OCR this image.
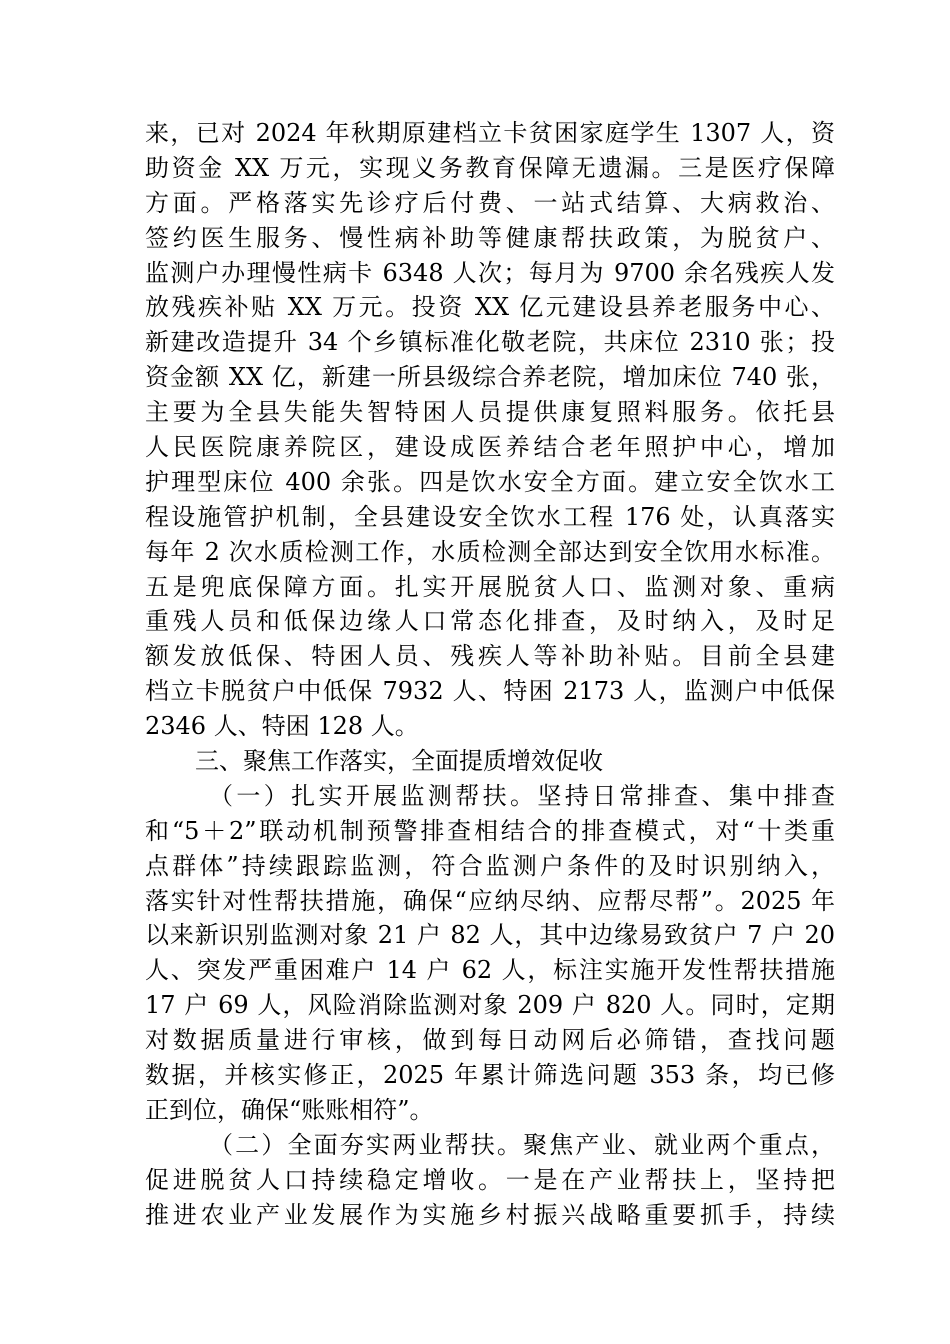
来，已对 2024 年秋期原建档立卡贫困家庭学生 1307 人，资
助资金 XX 万元，实现义务教育保障无遗漏。三是医疗保障
方面。严格落实先诊疗后付费、一站式结算、大病救治、
签约医生服务、慢性病补助等健康帮扶政策，为脱贫户、
监测户办理慢性病卡 6348 人次；每月为 9700 余名残疾人发
放残疾补贴 XX 万元。投资 XX 亿元建设县养老服务中心、
新建改造提升 34 个乡镇标准化敬老院，共床位 2310 张；投
资金额 XX 亿，新建一所县级综合养老院，增加床位 740 张，
主要为全县失能失智特困人员提供康复照料服务。依托县
人民医院康养院区，建设成医养结合老年照护中心，增加
护理型床位 400 余张。四是饮水安全方面。建立安全饮水工
程设施管护机制，全县建设安全饮水工程 176 处，认真落实
每年 2 次水质检测工作，水质检测全部达到安全饮用水标准。
五是兜底保障方面。扎实开展脱贫人口、监测对象、重病
重残人员和低保边缘人口常态化排查，及时纳入，及时足
额发放低保、特困人员、残疾人等补助补贴。目前全县建
档立卡脱贫户中低保 7932 人、特困 2173 人，监测户中低保
2346 人、特困 128 人。
三、聚焦工作落实，全面提质增效促收
（一）扎实开展监测帮扶。坚持日常排查、集中排查
和“5＋2”联动机制预警排查相结合的排查模式，对“十类重
点群体”持续跟踪监测，符合监测户条件的及时识别纳入，
落实针对性帮扶措施，确保“应纳尽纳、应帮尽帮”。2025 年
以来新识别监测对象 21 户 82 人，其中边缘易致贫户 7 户 20
人、突发严重困难户 14 户 62 人，标注实施开发性帮扶措施
17 户 69 人，风险消除监测对象 209 户 820 人。同时，定期
对数据质量进行审核，做到每日动网后必筛错，查找问题
数据，并核实修正，2025 年累计筛选问题 353 条，均已修
正到位，确保“账账相符”。
（二）全面夯实两业帮扶。聚焦产业、就业两个重点，
促进脱贫人口持续稳定增收。一是在产业帮扶上，坚持把
推进农业产业发展作为实施乡村振兴战略重要抓手，持续
